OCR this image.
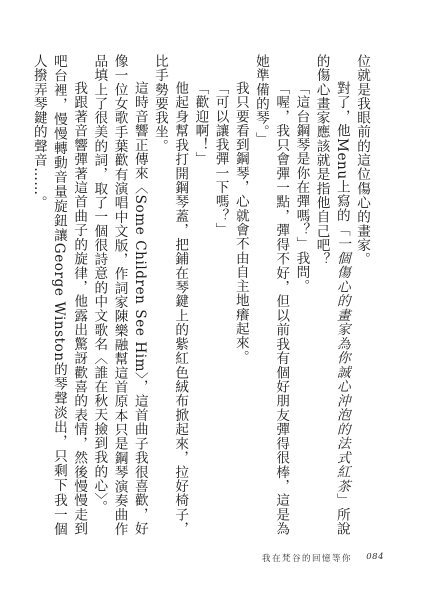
位就是我眼前的這位傷心的畫家。

對了，他Menu上寫的「一個傷心的畫家為你誠心沖泡的法式紅茶」所說的傷心畫家應該就是指他自己吧？

「這台鋼琴是你在彈嗎？」我問。

「喔，我只會彈一點，彈得不好，但以前我有個好朋友彈得很棒，這是為她準備的琴。」

我只要看到鋼琴，心就會不由自主地癢起來。

「可以讓我彈一下嗎？」

「歡迎啊！」

他起身幫我打開鋼琴蓋，把鋪在琴鍵上的紫紅色絨布掀起來，拉好椅子，比手勢要我坐。

這時音響正傳來〈Some Children See Him〉，這首曲子我很喜歡，好像一位女歌手葉歡有演唱中文版，作詞家陳樂融幫這首原本只是鋼琴演奏曲作品填上了很美的詞，取了一個很詩意的中文歌名〈誰在秋天撿到我的心〉。

我跟著音響彈著這首曲子的旋律，他露出驚訝歡喜的表情，然後慢慢走到吧台裡，慢慢轉動音量旋鈕讓George Winston的琴聲淡出，只剩下我一個人撥弄琴鍵的聲音……。

我在梵谷的回憶等你 084
